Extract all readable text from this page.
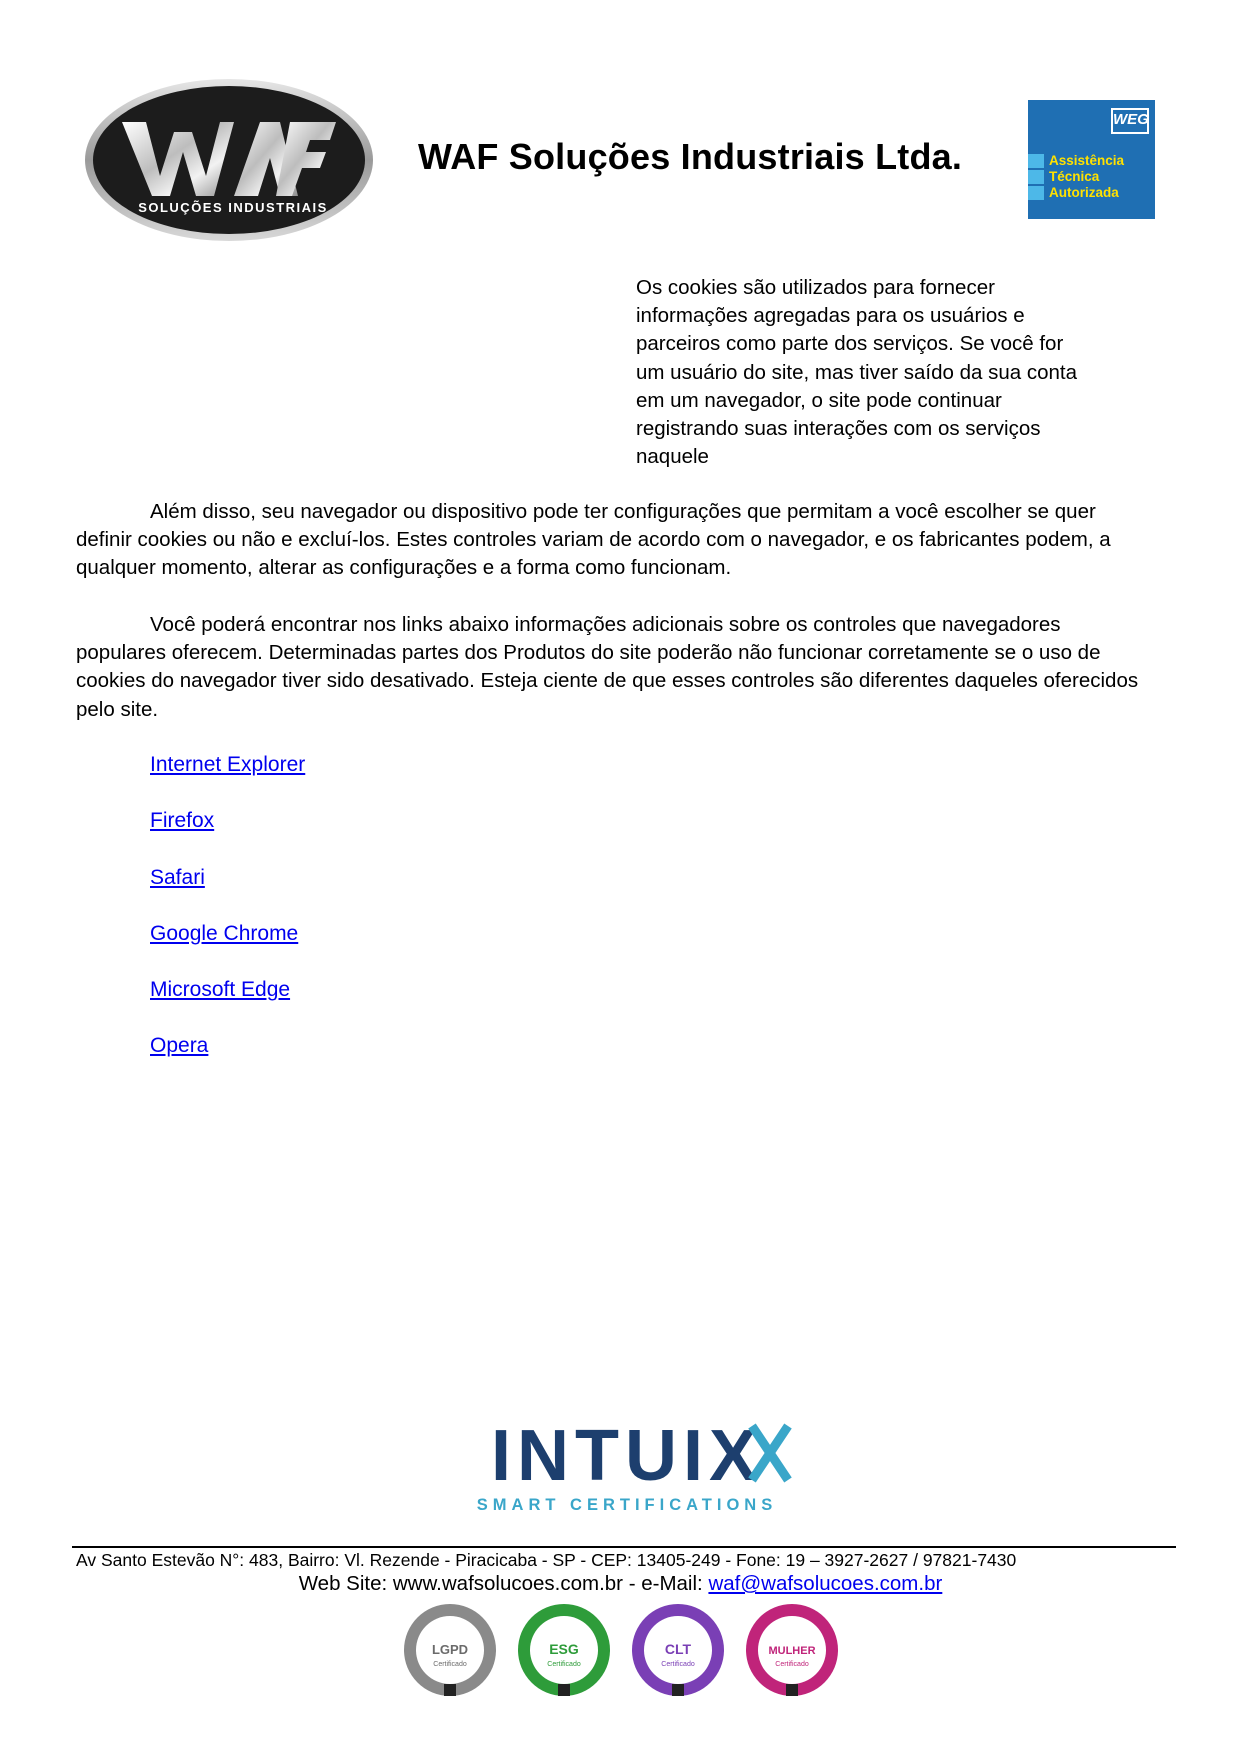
SOLUÇÕES INDUSTRIAIS
WAF Soluções Industriais Ltda.
WEG
Assistência
Técnica
Autorizada
Os cookies são utilizados para fornecer
informações agregadas para os usuários e
parceiros como parte dos serviços. Se você for
um usuário do site, mas tiver saído da sua conta
em um navegador, o site pode continuar
registrando suas interações com os serviços
naquele
Além disso, seu navegador ou dispositivo pode ter configurações que permitam a você escolher se quer
definir cookies ou não e excluí-los. Estes controles variam de acordo com o navegador, e os fabricantes podem, a
qualquer momento, alterar as configurações e a forma como funcionam.
Você poderá encontrar nos links abaixo informações adicionais sobre os controles que navegadores
populares oferecem. Determinadas partes dos Produtos do site poderão não funcionar corretamente se o uso de
cookies do navegador tiver sido desativado. Esteja ciente de que esses controles são diferentes daqueles oferecidos
pelo site.
Internet Explorer
Firefox
Safari
Google Chrome
Microsoft Edge
Opera
INTUIX
SMART CERTIFICATIONS
Av Santo Estevão N°: 483, Bairro: Vl. Rezende - Piracicaba - SP - CEP: 13405-249 - Fone: 19 – 3927-2627 / 97821-7430
Web Site: www.wafsolucoes.com.br - e-Mail: waf@wafsolucoes.com.br
LGPD
Certificado
ESG
Certificado
CLT
Certificado
MULHER
Certificado
